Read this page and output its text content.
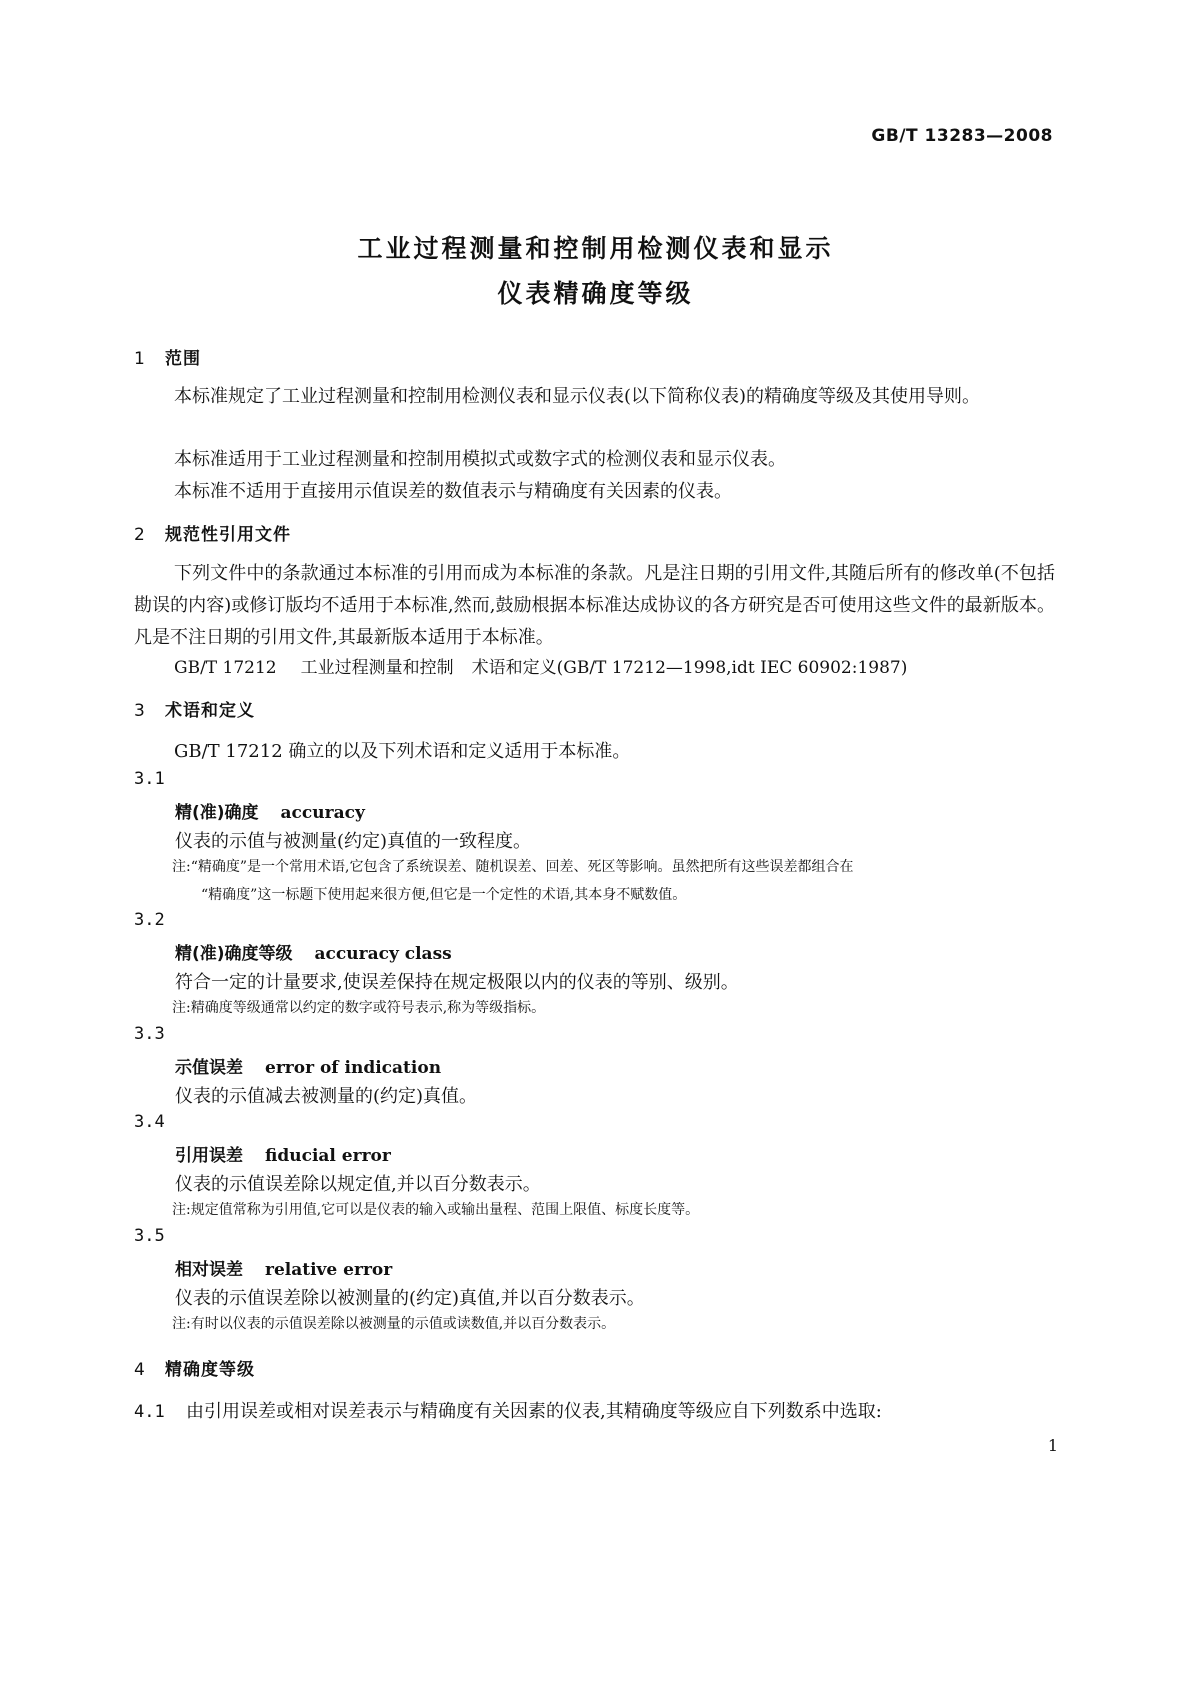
GB/T 13283—2008
工业过程测量和控制用检测仪表和显示
仪表精确度等级
1 范围
本标准规定了工业过程测量和控制用检测仪表和显示仪表(以下简称仪表)的精确度等级及其使用导则。
本标准适用于工业过程测量和控制用模拟式或数字式的检测仪表和显示仪表。
本标准不适用于直接用示值误差的数值表示与精确度有关因素的仪表。
2 规范性引用文件
下列文件中的条款通过本标准的引用而成为本标准的条款。凡是注日期的引用文件,其随后所有的修改单(不包括勘误的内容)或修订版均不适用于本标准,然而,鼓励根据本标准达成协议的各方研究是否可使用这些文件的最新版本。凡是不注日期的引用文件,其最新版本适用于本标准。
GB/T 17212 工业过程测量和控制 术语和定义(GB/T 17212—1998,idt IEC 60902:1987)
3 术语和定义
GB/T 17212 确立的以及下列术语和定义适用于本标准。
3.1
精(准)确度 accuracy
仪表的示值与被测量(约定)真值的一致程度。
注:“精确度”是一个常用术语,它包含了系统误差、随机误差、回差、死区等影响。虽然把所有这些误差都组合在
“精确度”这一标题下使用起来很方便,但它是一个定性的术语,其本身不赋数值。
3.2
精(准)确度等级 accuracy class
符合一定的计量要求,使误差保持在规定极限以内的仪表的等别、级别。
注:精确度等级通常以约定的数字或符号表示,称为等级指标。
3.3
示值误差 error of indication
仪表的示值减去被测量的(约定)真值。
3.4
引用误差 fiducial error
仪表的示值误差除以规定值,并以百分数表示。
注:规定值常称为引用值,它可以是仪表的输入或输出量程、范围上限值、标度长度等。
3.5
相对误差 relative error
仪表的示值误差除以被测量的(约定)真值,并以百分数表示。
注:有时以仪表的示值误差除以被测量的示值或读数值,并以百分数表示。
4 精确度等级
4.1 由引用误差或相对误差表示与精确度有关因素的仪表,其精确度等级应自下列数系中选取:
1
